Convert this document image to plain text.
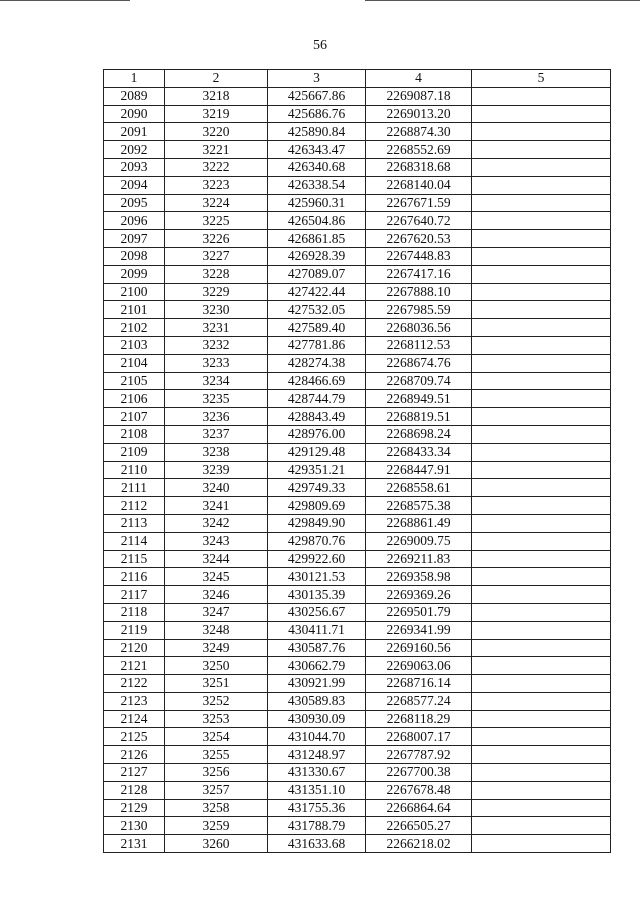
56
1	2	3	4	5
2089	3218	425667.86	2269087.18	
2090	3219	425686.76	2269013.20	
2091	3220	425890.84	2268874.30	
2092	3221	426343.47	2268552.69	
2093	3222	426340.68	2268318.68	
2094	3223	426338.54	2268140.04	
2095	3224	425960.31	2267671.59	
2096	3225	426504.86	2267640.72	
2097	3226	426861.85	2267620.53	
2098	3227	426928.39	2267448.83	
2099	3228	427089.07	2267417.16	
2100	3229	427422.44	2267888.10	
2101	3230	427532.05	2267985.59	
2102	3231	427589.40	2268036.56	
2103	3232	427781.86	2268112.53	
2104	3233	428274.38	2268674.76	
2105	3234	428466.69	2268709.74	
2106	3235	428744.79	2268949.51	
2107	3236	428843.49	2268819.51	
2108	3237	428976.00	2268698.24	
2109	3238	429129.48	2268433.34	
2110	3239	429351.21	2268447.91	
2111	3240	429749.33	2268558.61	
2112	3241	429809.69	2268575.38	
2113	3242	429849.90	2268861.49	
2114	3243	429870.76	2269009.75	
2115	3244	429922.60	2269211.83	
2116	3245	430121.53	2269358.98	
2117	3246	430135.39	2269369.26	
2118	3247	430256.67	2269501.79	
2119	3248	430411.71	2269341.99	
2120	3249	430587.76	2269160.56	
2121	3250	430662.79	2269063.06	
2122	3251	430921.99	2268716.14	
2123	3252	430589.83	2268577.24	
2124	3253	430930.09	2268118.29	
2125	3254	431044.70	2268007.17	
2126	3255	431248.97	2267787.92	
2127	3256	431330.67	2267700.38	
2128	3257	431351.10	2267678.48	
2129	3258	431755.36	2266864.64	
2130	3259	431788.79	2266505.27	
2131	3260	431633.68	2266218.02	
